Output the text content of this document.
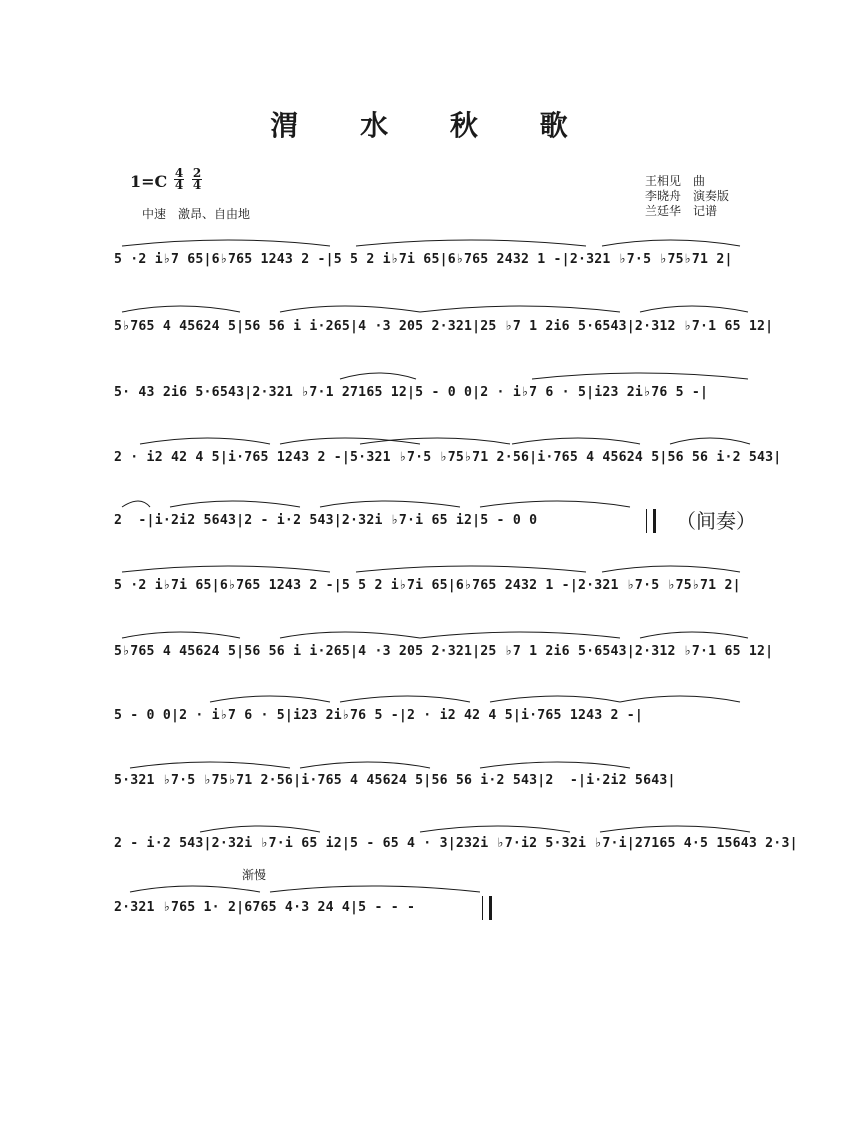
渭 水 秋 歌
$1=C \frac{4}{4} \frac{2}{4}$
中速　激昂、自由地
王相见　曲
李晓舟　演奏版
兰廷华　记谱
5 ·2 i♭7 65|6♭765 1243 2 -|5 5 2 i♭7i 65|6♭765 2432 1 -|2·321 ♭7·5 ♭75♭71 2|
5♭765 4 45624 5|56 56 i i·265|4 ·3 205 2·321|25 ♭7 1 2i6 5·6543|2·312 ♭7·1 65 12|
5· 43 2i6 5·6543|2·321 ♭7·1 27165 12|5 - 0 0|2 · i♭7 6 · 5|i23 2i♭76 5 -|
2 · i2 42 4 5|i·765 1243 2 -|5·321 ♭7·5 ♭75♭71 2·56|i·765 4 45624 5|56 56 i·2 543|
2  -|i·2i2 5643|2 - i·2 543|2·32i ♭7·i 65 i2|5 - 0 0	（间奏）
5 ·2 i♭7i 65|6♭765 1243 2 -|5 5 2 i♭7i 65|6♭765 2432 1 -|2·321 ♭7·5 ♭75♭71 2|
5♭765 4 45624 5|56 56 i i·265|4 ·3 205 2·321|25 ♭7 1 2i6 5·6543|2·312 ♭7·1 65 12|
5 - 0 0|2 · i♭7 6 · 5|i23 2i♭76 5 -|2 · i2 42 4 5|i·765 1243 2 -|
5·321 ♭7·5 ♭75♭71 2·56|i·765 4 45624 5|56 56 i·2 543|2  -|i·2i2 5643|
2 - i·2 543|2·32i ♭7·i 65 i2|5 - 65 4 · 3|232i ♭7·i2 5·32i ♭7·i|27165 4·5 15643 2·3|
渐慢
2·321 ♭765 1· 2|6765 4·3 24 4|5 - - -
